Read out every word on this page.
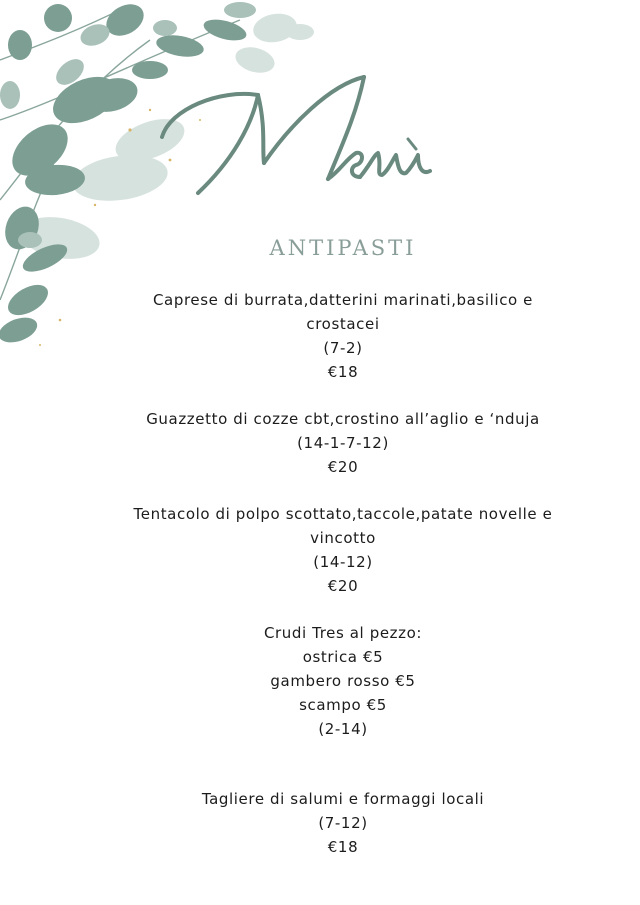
ANTIPASTI
Caprese di burrata,datterini marinati,basilico e
crostacei
(7-2)
€18
Guazzetto di cozze cbt,crostino all’aglio e ‘nduja
(14-1-7-12)
€20
Tentacolo di polpo scottato,taccole,patate novelle e
vincotto
(14-12)
€20
Crudi Tres al pezzo:
ostrica €5
gambero rosso €5
scampo €5
(2-14)
Tagliere di salumi e formaggi locali
(7-12)
€18
